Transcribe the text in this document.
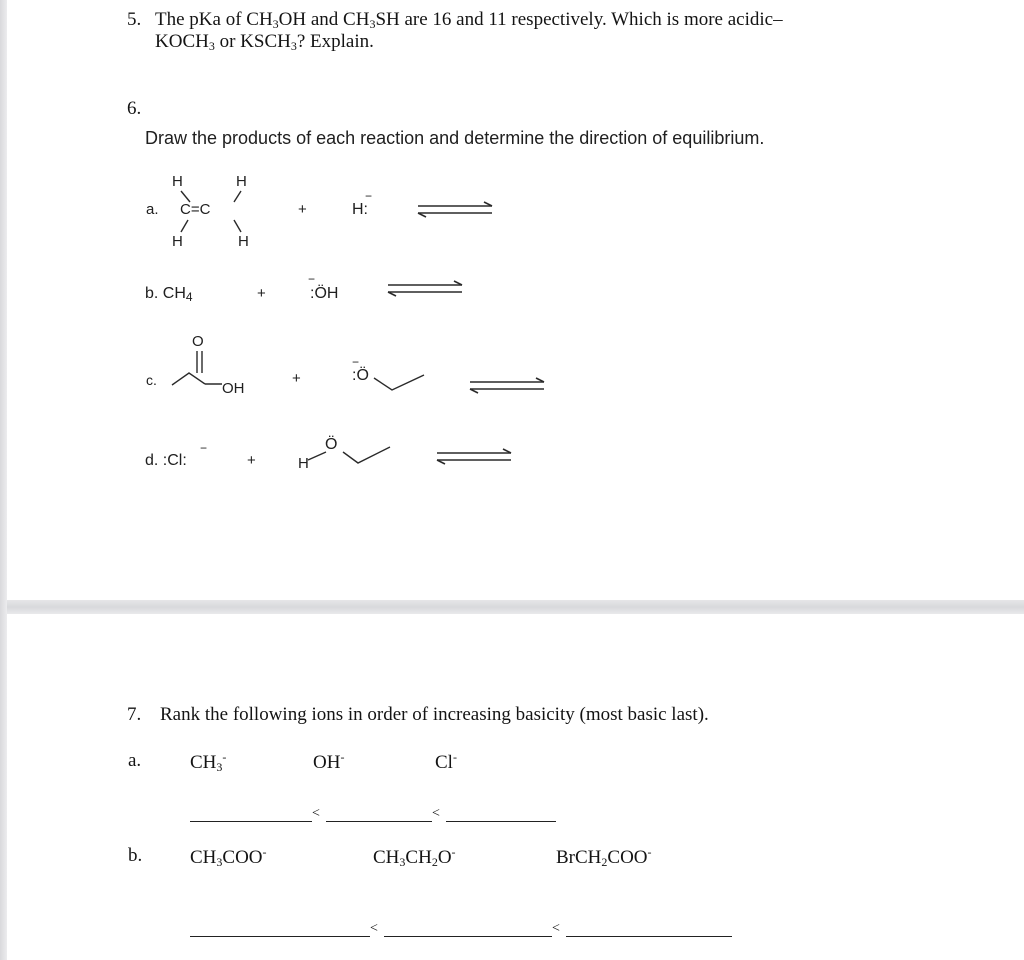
5. The pKa of $CH_3OH$ and $CH_3SH$ are 16 and 11 respectively. Which is more acidic–
$KOCH_3$ or $KSCH_3$? Explain.
6.
Draw the products of each reaction and determine the direction of equilibrium.
a.
H	H
C=C
H	H
+	H:
−
b. $CH_4$	+	:ÖH
−
c.
O
OH
+	:Ö
−
d. :Cl:
−
+	H
Ö
7. Rank the following ions in order of increasing basicity (most basic last).
a.	$CH_3^-$	OH-	Cl-
<	<
b.	$CH_3COO^-$	$CH_3CH_2O^-$	BrCH$_2$COO-
<	<
